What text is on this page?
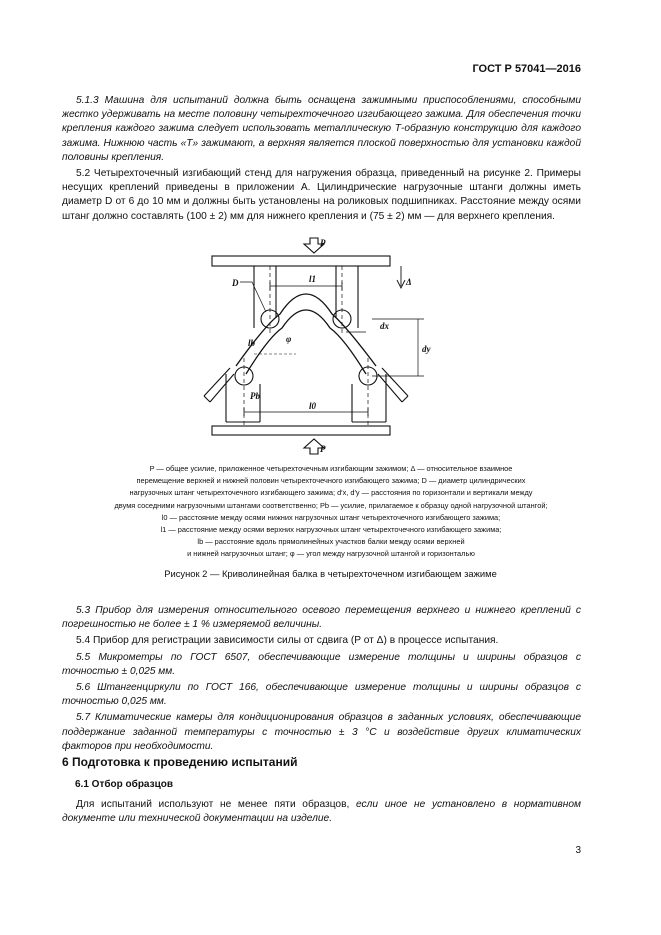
ГОСТ Р 57041—2016

5.1.3 Машина для испытаний должна быть оснащена зажимными приспособлениями, способными жестко удерживать на месте половину четырехточечного изгибающего зажима. Для обеспечения точки крепления каждого зажима следует использовать металлическую Т-образную конструкцию для каждого зажима. Нижнюю часть «Т» зажимают, а верхняя является плоской поверхностью для установки каждой половины крепления.

5.2 Четырехточечный изгибающий стенд для нагружения образца, приведенный на рисунке 2. Примеры несущих креплений приведены в приложении А. Цилиндрические нагрузочные штанги должны иметь диаметр D от 6 до 10 мм и должны быть установлены на роликовых подшипниках. Расстояние между осями штанг должно составлять (100 ± 2) мм для нижнего крепления и (75 ± 2) мм — для верхнего крепления.

P
P
Δ
l1
l0
D
dx
dy
Pb
φ
lb
P — общее усилие, приложенное четырехточечным изгибающим зажимом; Δ — относительное взаимное
перемещение верхней и нижней половин четырехточечного изгибающего зажима; D — диаметр цилиндрических
нагрузочных штанг четырехточечного изгибающего зажима; d′x, d′y — расстояния по горизонтали и вертикали между
двумя соседними нагрузочными штангами соответственно; Pb — усилие, прилагаемое к образцу одной нагрузочной штангой;
l0 — расстояние между осями нижних нагрузочных штанг четырехточечного изгибающего зажима;
l1 — расстояние между осями верхних нагрузочных штанг четырехточечного изгибающего зажима;
lb — расстояние вдоль прямолинейных участков балки между осями верхней
и нижней нагрузочных штанг; φ — угол между нагрузочной штангой и горизонталью
Рисунок 2 — Криволинейная балка в четырехточечном изгибающем зажиме

5.3 Прибор для измерения относительного осевого перемещения верхнего и нижнего креплений с погрешностью не более ± 1 % измеряемой величины.

5.4 Прибор для регистрации зависимости силы от сдвига (P от Δ) в процессе испытания.

5.5 Микрометры по ГОСТ 6507, обеспечивающие измерение толщины и ширины образцов с точностью ± 0,025 мм.

5.6 Штангенциркули по ГОСТ 166, обеспечивающие измерение толщины и ширины образцов с точностью 0,025 мм.

5.7 Климатические камеры для кондиционирования образцов в заданных условиях, обеспечивающие поддержание заданной температуры с точностью ± 3 °С и воздействие других климатических факторов при необходимости.

6 Подготовка к проведению испытаний
6.1 Отбор образцов

Для испытаний используют не менее пяти образцов, если иное не установлено в нормативном документе или технической документации на изделие.

3
